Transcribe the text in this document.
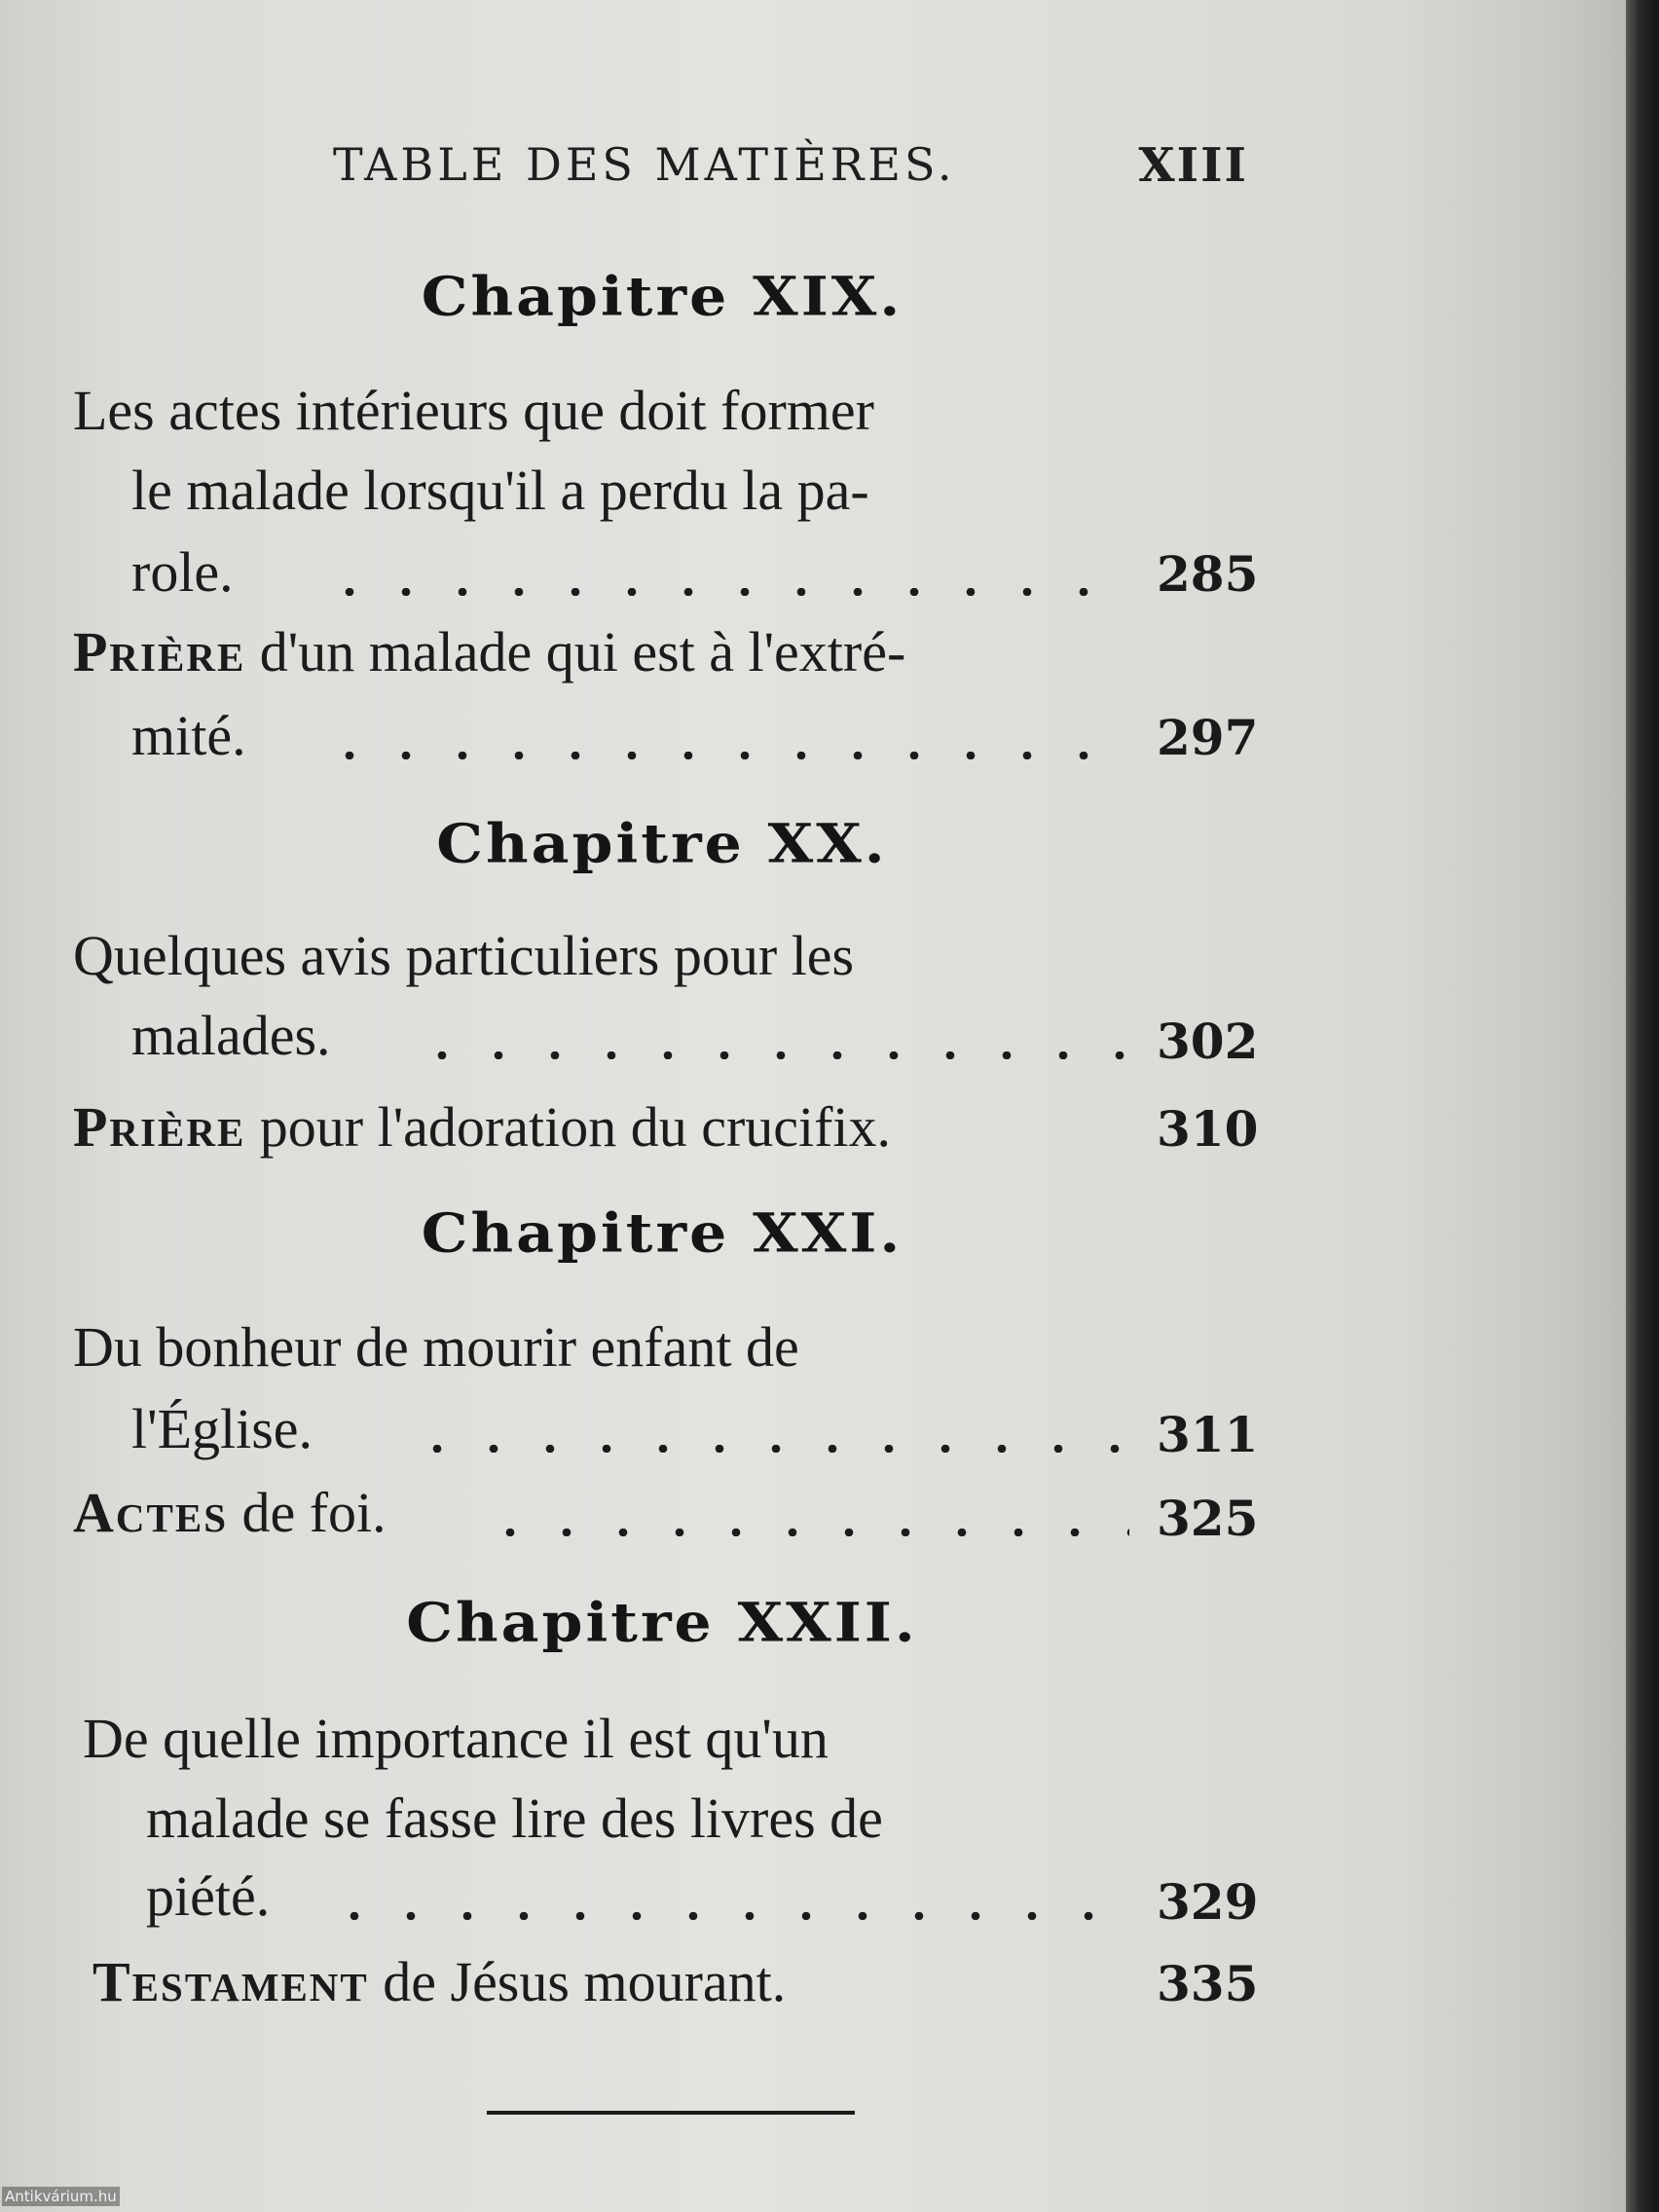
TABLE DES MATIÈRES.	XIII
Chapitre XIX.
Les actes intérieurs que doit former
le malade lorsqu'il a perdu la pa-
role.	285
Prière d'un malade qui est à l'extré-
mité.	297
Chapitre XX.
Quelques avis particuliers pour les
malades.	302
Prière pour l'adoration du crucifix.	310
Chapitre XXI.
Du bonheur de mourir enfant de
l'Église.	311
Actes de foi.	325
Chapitre XXII.
De quelle importance il est qu'un
malade se fasse lire des livres de
piété.	329
Testament de Jésus mourant.	335
Antikvárium.hu
